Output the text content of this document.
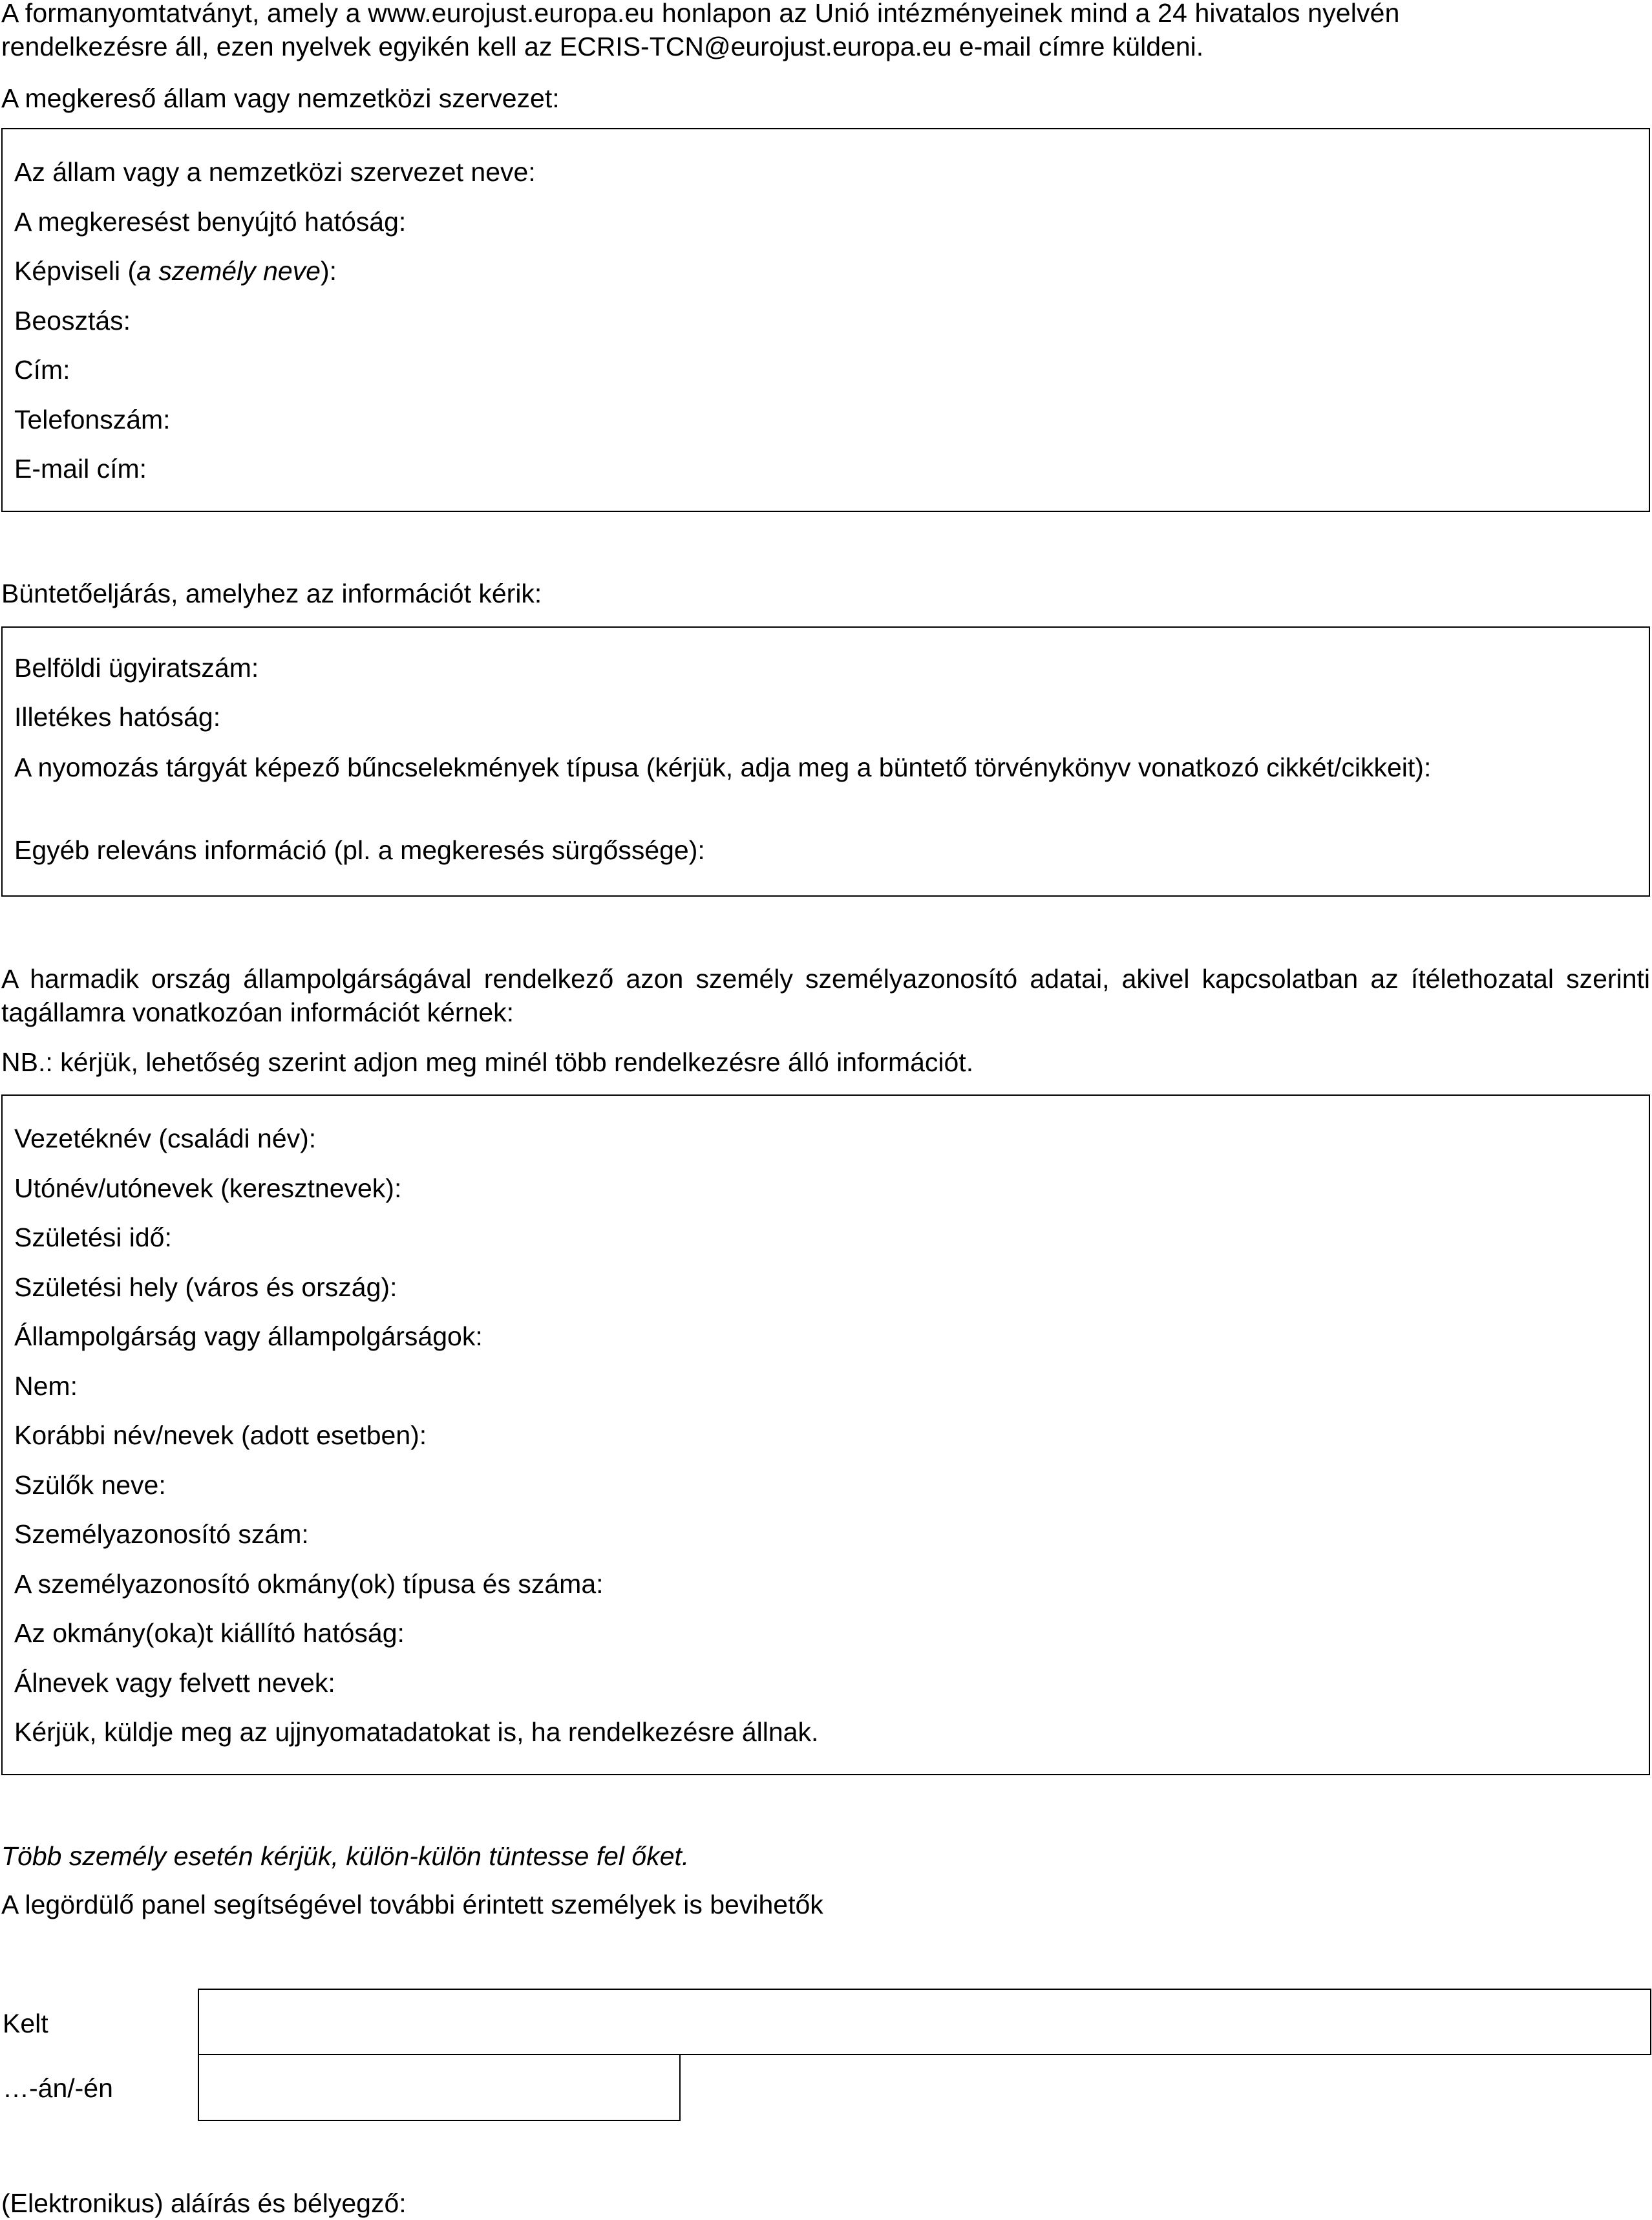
A formanyomtatványt, amely a www.eurojust.europa.eu honlapon az Unió intézményeinek mind a 24 hivatalos nyelvén
rendelkezésre áll, ezen nyelvek egyikén kell az ECRIS-TCN@eurojust.europa.eu e-mail címre küldeni.
A megkereső állam vagy nemzetközi szervezet:
Az állam vagy a nemzetközi szervezet neve:
A megkeresést benyújtó hatóság:
Képviseli (a személy neve):
Beosztás:
Cím:
Telefonszám:
E-mail cím:
Büntetőeljárás, amelyhez az információt kérik:
Belföldi ügyiratszám:
Illetékes hatóság:
A nyomozás tárgyát képező bűncselekmények típusa (kérjük, adja meg a büntető törvénykönyv vonatkozó cikkét/cikkeit):
Egyéb releváns információ (pl. a megkeresés sürgőssége):
A harmadik ország állampolgárságával rendelkező azon személy személyazonosító adatai, akivel kapcsolatban az ítélethozatal szerinti tagállamra vonatkozóan információt kérnek:
NB.: kérjük, lehetőség szerint adjon meg minél több rendelkezésre álló információt.
Vezetéknév (családi név):
Utónév/utónevek (keresztnevek):
Születési idő:
Születési hely (város és ország):
Állampolgárság vagy állampolgárságok:
Nem:
Korábbi név/nevek (adott esetben):
Szülők neve:
Személyazonosító szám:
A személyazonosító okmány(ok) típusa és száma:
Az okmány(oka)t kiállító hatóság:
Álnevek vagy felvett nevek:
Kérjük, küldje meg az ujjnyomatadatokat is, ha rendelkezésre állnak.
Több személy esetén kérjük, külön-külön tüntesse fel őket.
A legördülő panel segítségével további érintett személyek is bevihetők
Kelt
…-án/-én
(Elektronikus) aláírás és bélyegző:
